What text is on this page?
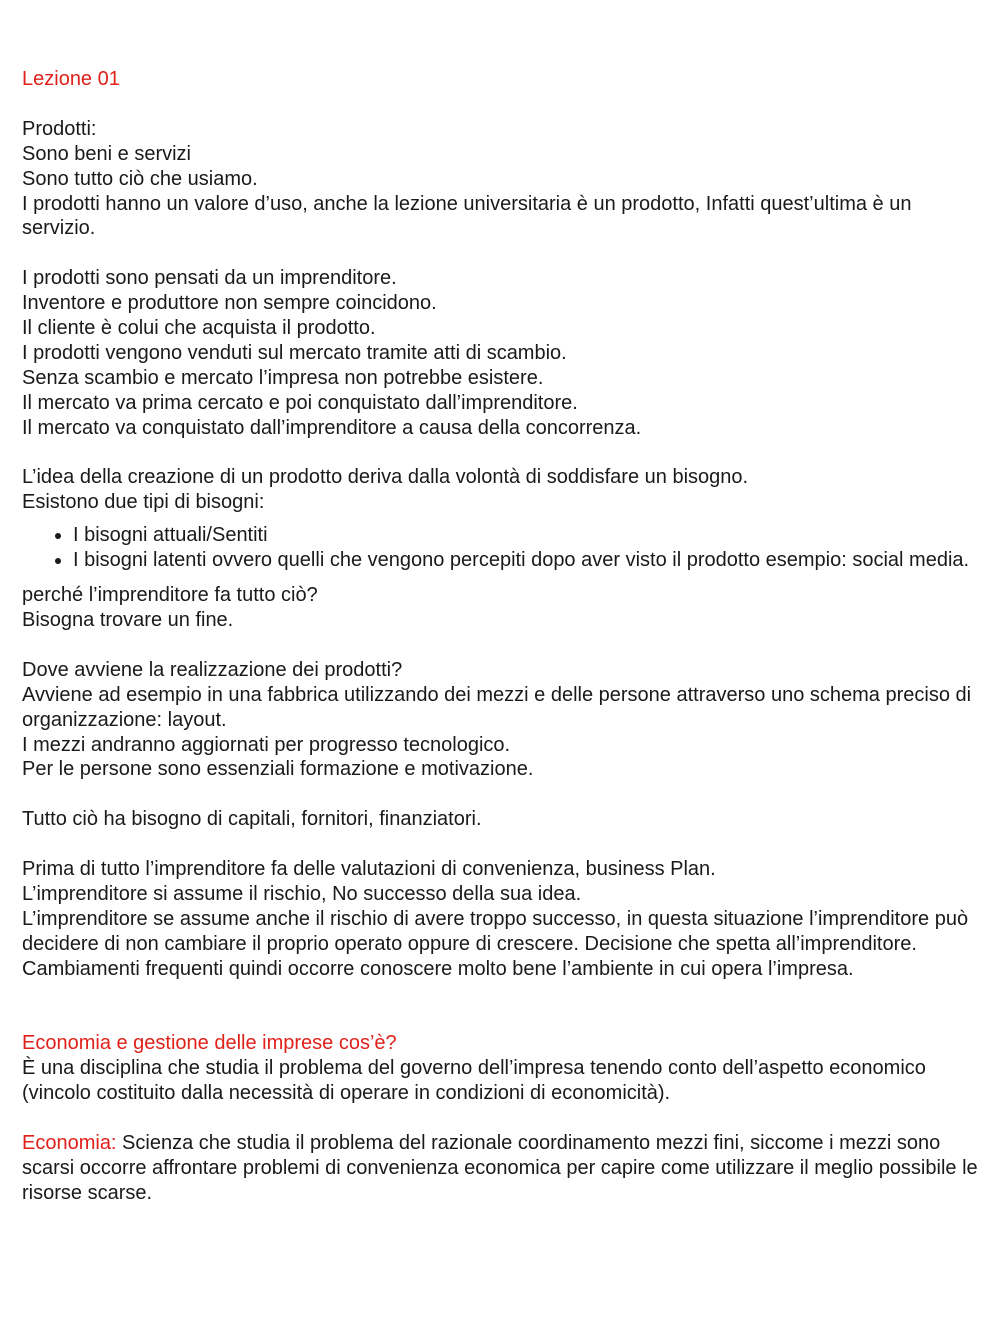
Lezione 01
Prodotti:
Sono beni e servizi
Sono tutto ciò che usiamo.
I prodotti hanno un valore d’uso, anche la lezione universitaria è un prodotto, Infatti quest’ultima è un servizio.
I prodotti sono pensati da un imprenditore.
Inventore e produttore non sempre coincidono.
Il cliente è colui che acquista il prodotto.
I prodotti vengono venduti sul mercato tramite atti di scambio.
Senza scambio e mercato l’impresa non potrebbe esistere.
Il mercato va prima cercato e poi conquistato dall’imprenditore.
Il mercato va conquistato dall’imprenditore a causa della concorrenza.
L’idea della creazione di un prodotto deriva dalla volontà di soddisfare un bisogno.
Esistono due tipi di bisogni:
• I bisogni attuali/Sentiti
• I bisogni latenti ovvero quelli che vengono percepiti dopo aver visto il prodotto esempio: social media.
perché l’imprenditore fa tutto ciò?
Bisogna trovare un fine.
Dove avviene la realizzazione dei prodotti?
Avviene ad esempio in una fabbrica utilizzando dei mezzi e delle persone attraverso uno schema preciso di organizzazione: layout.
I mezzi andranno aggiornati per progresso tecnologico.
Per le persone sono essenziali formazione e motivazione.
Tutto ciò ha bisogno di capitali, fornitori, finanziatori.
Prima di tutto l’imprenditore fa delle valutazioni di convenienza, business Plan.
L’imprenditore si assume il rischio, No successo della sua idea.
L’imprenditore se assume anche il rischio di avere troppo successo, in questa situazione l’imprenditore può decidere di non cambiare il proprio operato oppure di crescere. Decisione che spetta all’imprenditore.
Cambiamenti frequenti quindi occorre conoscere molto bene l’ambiente in cui opera l’impresa.
Economia e gestione delle imprese cos’è?
È una disciplina che studia il problema del governo dell’impresa tenendo conto dell’aspetto economico (vincolo costituito dalla necessità di operare in condizioni di economicità).
Economia: Scienza che studia il problema del razionale coordinamento mezzi fini, siccome i mezzi sono scarsi occorre affrontare problemi di convenienza economica per capire come utilizzare il meglio possibile le risorse scarse.
